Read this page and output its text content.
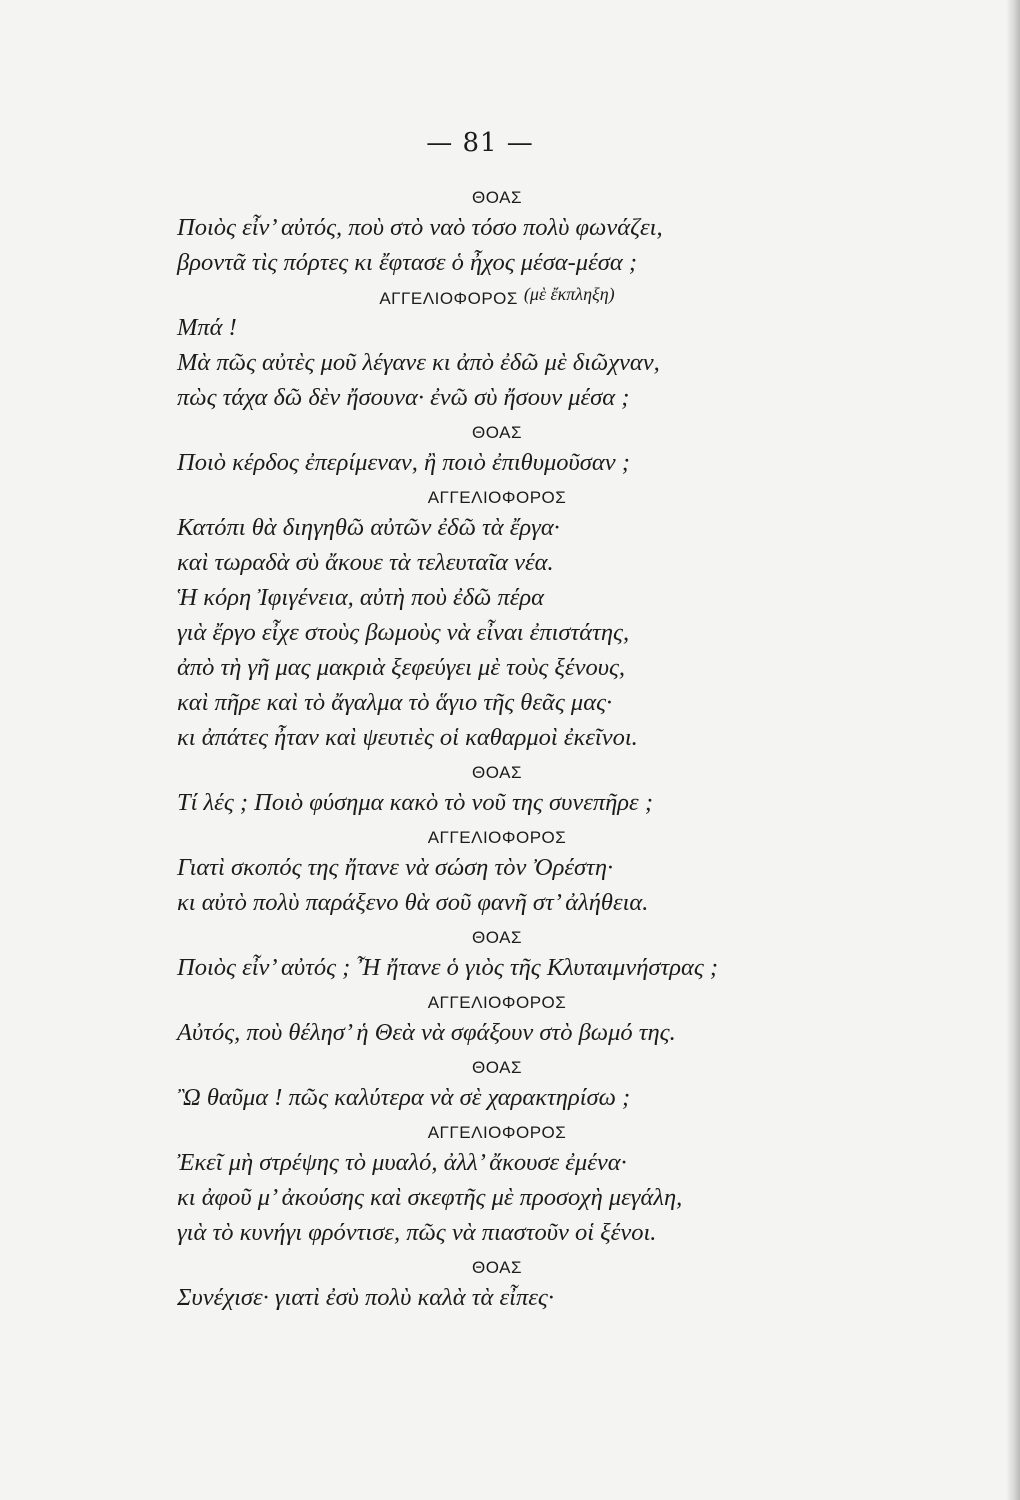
— 81 —
ΘΟΑΣ
Ποιὸς εἶν’ αὐτός, ποὺ στὸ ναὸ τόσο πολὺ φωνάζει,
βροντᾶ τὶς πόρτες κι ἔφτασε ὁ ἦχος μέσα-μέσα ;
ΑΓΓΕΛΙΟΦΟΡΟΣ (μὲ ἔκπληξη)
Μπά !
Μὰ πῶς αὐτὲς μοῦ λέγανε κι ἀπὸ ἐδῶ μὲ διῶχναν,
πὼς τάχα δῶ δὲν ἤσουνα· ἐνῶ σὺ ἤσουν μέσα ;
ΘΟΑΣ
Ποιὸ κέρδος ἐπερίμεναν, ἢ ποιὸ ἐπιθυμοῦσαν ;
ΑΓΓΕΛΙΟΦΟΡΟΣ
Κατόπι θὰ διηγηθῶ αὐτῶν ἐδῶ τὰ ἔργα·
καὶ τωραδὰ σὺ ἄκουε τὰ τελευταῖα νέα.
Ἡ κόρη Ἰφιγένεια, αὐτὴ ποὺ ἐδῶ πέρα
γιὰ ἔργο εἶχε στοὺς βωμοὺς νὰ εἶναι ἐπιστάτης,
ἀπὸ τὴ γῆ μας μακριὰ ξεφεύγει μὲ τοὺς ξένους,
καὶ πῆρε καὶ τὸ ἄγαλμα τὸ ἅγιο τῆς θεᾶς μας·
κι ἀπάτες ἦταν καὶ ψευτιὲς οἱ καθαρμοὶ ἐκεῖνοι.
ΘΟΑΣ
Τί λές ; Ποιὸ φύσημα κακὸ τὸ νοῦ της συνεπῆρε ;
ΑΓΓΕΛΙΟΦΟΡΟΣ
Γιατὶ σκοπός της ἤτανε νὰ σώση τὸν Ὀρέστη·
κι αὐτὸ πολὺ παράξενο θὰ σοῦ φανῆ στ’ ἀλήθεια.
ΘΟΑΣ
Ποιὸς εἶν’ αὐτός ; Ἦ ἤτανε ὁ γιὸς τῆς Κλυταιμνήστρας ;
ΑΓΓΕΛΙΟΦΟΡΟΣ
Αὐτός, ποὺ θέλησ’ ἡ Θεὰ νὰ σφάξουν στὸ βωμό της.
ΘΟΑΣ
Ὢ θαῦμα ! πῶς καλύτερα νὰ σὲ χαρακτηρίσω ;
ΑΓΓΕΛΙΟΦΟΡΟΣ
Ἐκεῖ μὴ στρέψης τὸ μυαλό, ἀλλ’ ἄκουσε ἐμένα·
κι ἀφοῦ μ’ ἀκούσης καὶ σκεφτῆς μὲ προσοχὴ μεγάλη,
γιὰ τὸ κυνήγι φρόντισε, πῶς νὰ πιαστοῦν οἱ ξένοι.
ΘΟΑΣ
Συνέχισε· γιατὶ ἐσὺ πολὺ καλὰ τὰ εἶπες·
